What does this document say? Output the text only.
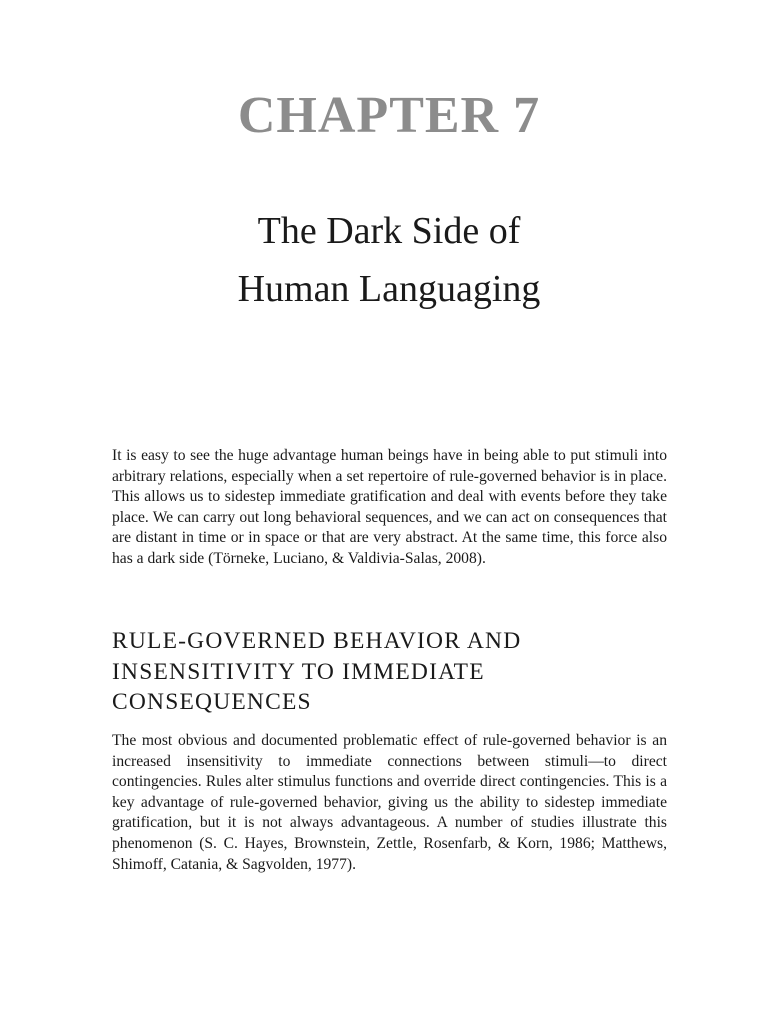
CHAPTER 7
The Dark Side of
Human Languaging

It is easy to see the huge advantage human beings have in being able to put stimuli into arbitrary relations, especially when a set repertoire of rule-governed behavior is in place. This allows us to sidestep immediate gratification and deal with events before they take place. We can carry out long behavioral sequences, and we can act on consequences that are distant in time or in space or that are very abstract. At the same time, this force also has a dark side (Törneke, Luciano, & Valdivia-Salas, 2008).

RULE-GOVERNED BEHAVIOR AND
INSENSITIVITY TO IMMEDIATE
CONSEQUENCES

The most obvious and documented problematic effect of rule-governed behavior is an increased insensitivity to immediate connections between stimuli—to direct contingencies. Rules alter stimulus functions and override direct contingencies. This is a key advantage of rule-governed behavior, giving us the ability to sidestep immediate gratification, but it is not always advantageous. A number of studies illustrate this phenomenon (S. C. Hayes, Brownstein, Zettle, Rosenfarb, & Korn, 1986; Matthews, Shimoff, Catania, & Sagvolden, 1977).
